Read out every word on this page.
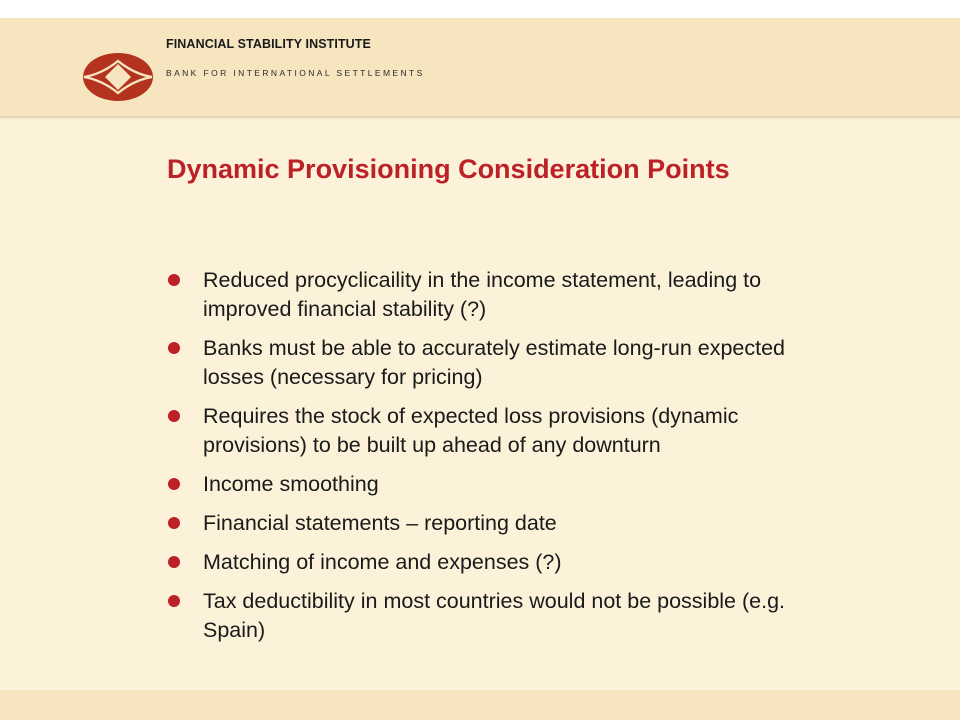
FINANCIAL STABILITY INSTITUTE
BANK FOR INTERNATIONAL SETTLEMENTS
Dynamic Provisioning Consideration Points
Reduced procyclicaility in the income statement, leading to improved financial stability (?)
Banks must be able to accurately estimate long-run expected losses (necessary for pricing)
Requires the stock of expected loss provisions (dynamic provisions) to be built up ahead of any downturn
Income smoothing
Financial statements – reporting date
Matching of income and expenses (?)
Tax deductibility in most countries would not be possible (e.g. Spain)
